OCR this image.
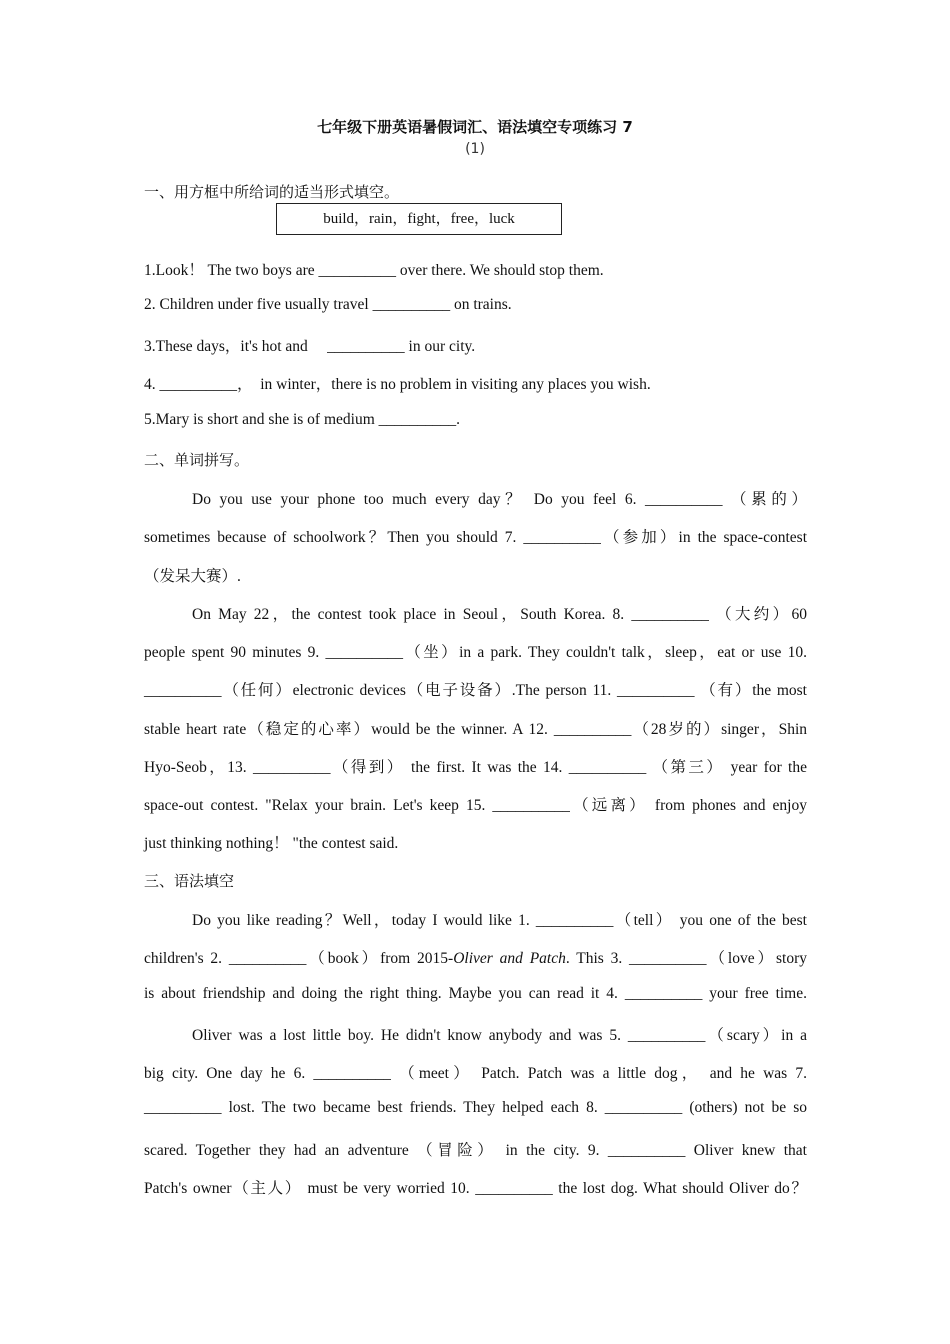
七年级下册英语暑假词汇、语法填空专项练习 7
(1)
一、用方框中所给词的适当形式填空。
build，rain，fight，free，luck
1.Look！ The two boys are __________ over there. We should stop them.
2. Children under five usually travel __________ on trains.
3.These days，it's hot and     __________ in our city.
4. __________，  in winter，there is no problem in visiting any places you wish.
5.Mary is short and she is of medium __________.
二、单词拼写。
Do you use your phone too much every day？ Do you feel 6. __________ （累的）
sometimes because of schoolwork？Then you should 7. __________（参加）in the space-contest
（发呆大赛）.
On May 22，the contest took place in Seoul，South Korea. 8. __________ （大约）60
people spent 90 minutes 9. __________（坐）in a park. They couldn't talk，sleep，eat or use 10.
__________（任何）electronic devices（电子设备）.The person 11. __________ （有）the most
stable heart rate（稳定的心率）would be the winner. A 12. __________（28岁的）singer，Shin
Hyo-Seob，13. __________（得到） the first. It was the 14. __________ （第三） year for the
space-out contest. "Relax your brain. Let's keep 15. __________（远离） from phones and enjoy
just thinking nothing！ "the contest said.
三、语法填空
Do you like reading？Well，today I would like 1. __________（tell） you one of the best
children's 2. __________（book）from 2015-Oliver and Patch. This 3. __________（love）story
is about friendship and doing the right thing. Maybe you can read it 4. __________ your free time.
Oliver was a lost little boy. He didn't know anybody and was 5. __________（scary）in a
big city. One day he 6. __________ （meet） Patch. Patch was a little dog， and he was 7.
__________ lost. The two became best friends. They helped each 8. __________ (others) not be so
scared. Together they had an adventure （冒险） in the city. 9. __________ Oliver knew that
Patch's owner（主人） must be very worried 10. __________ the lost dog. What should Oliver do？
